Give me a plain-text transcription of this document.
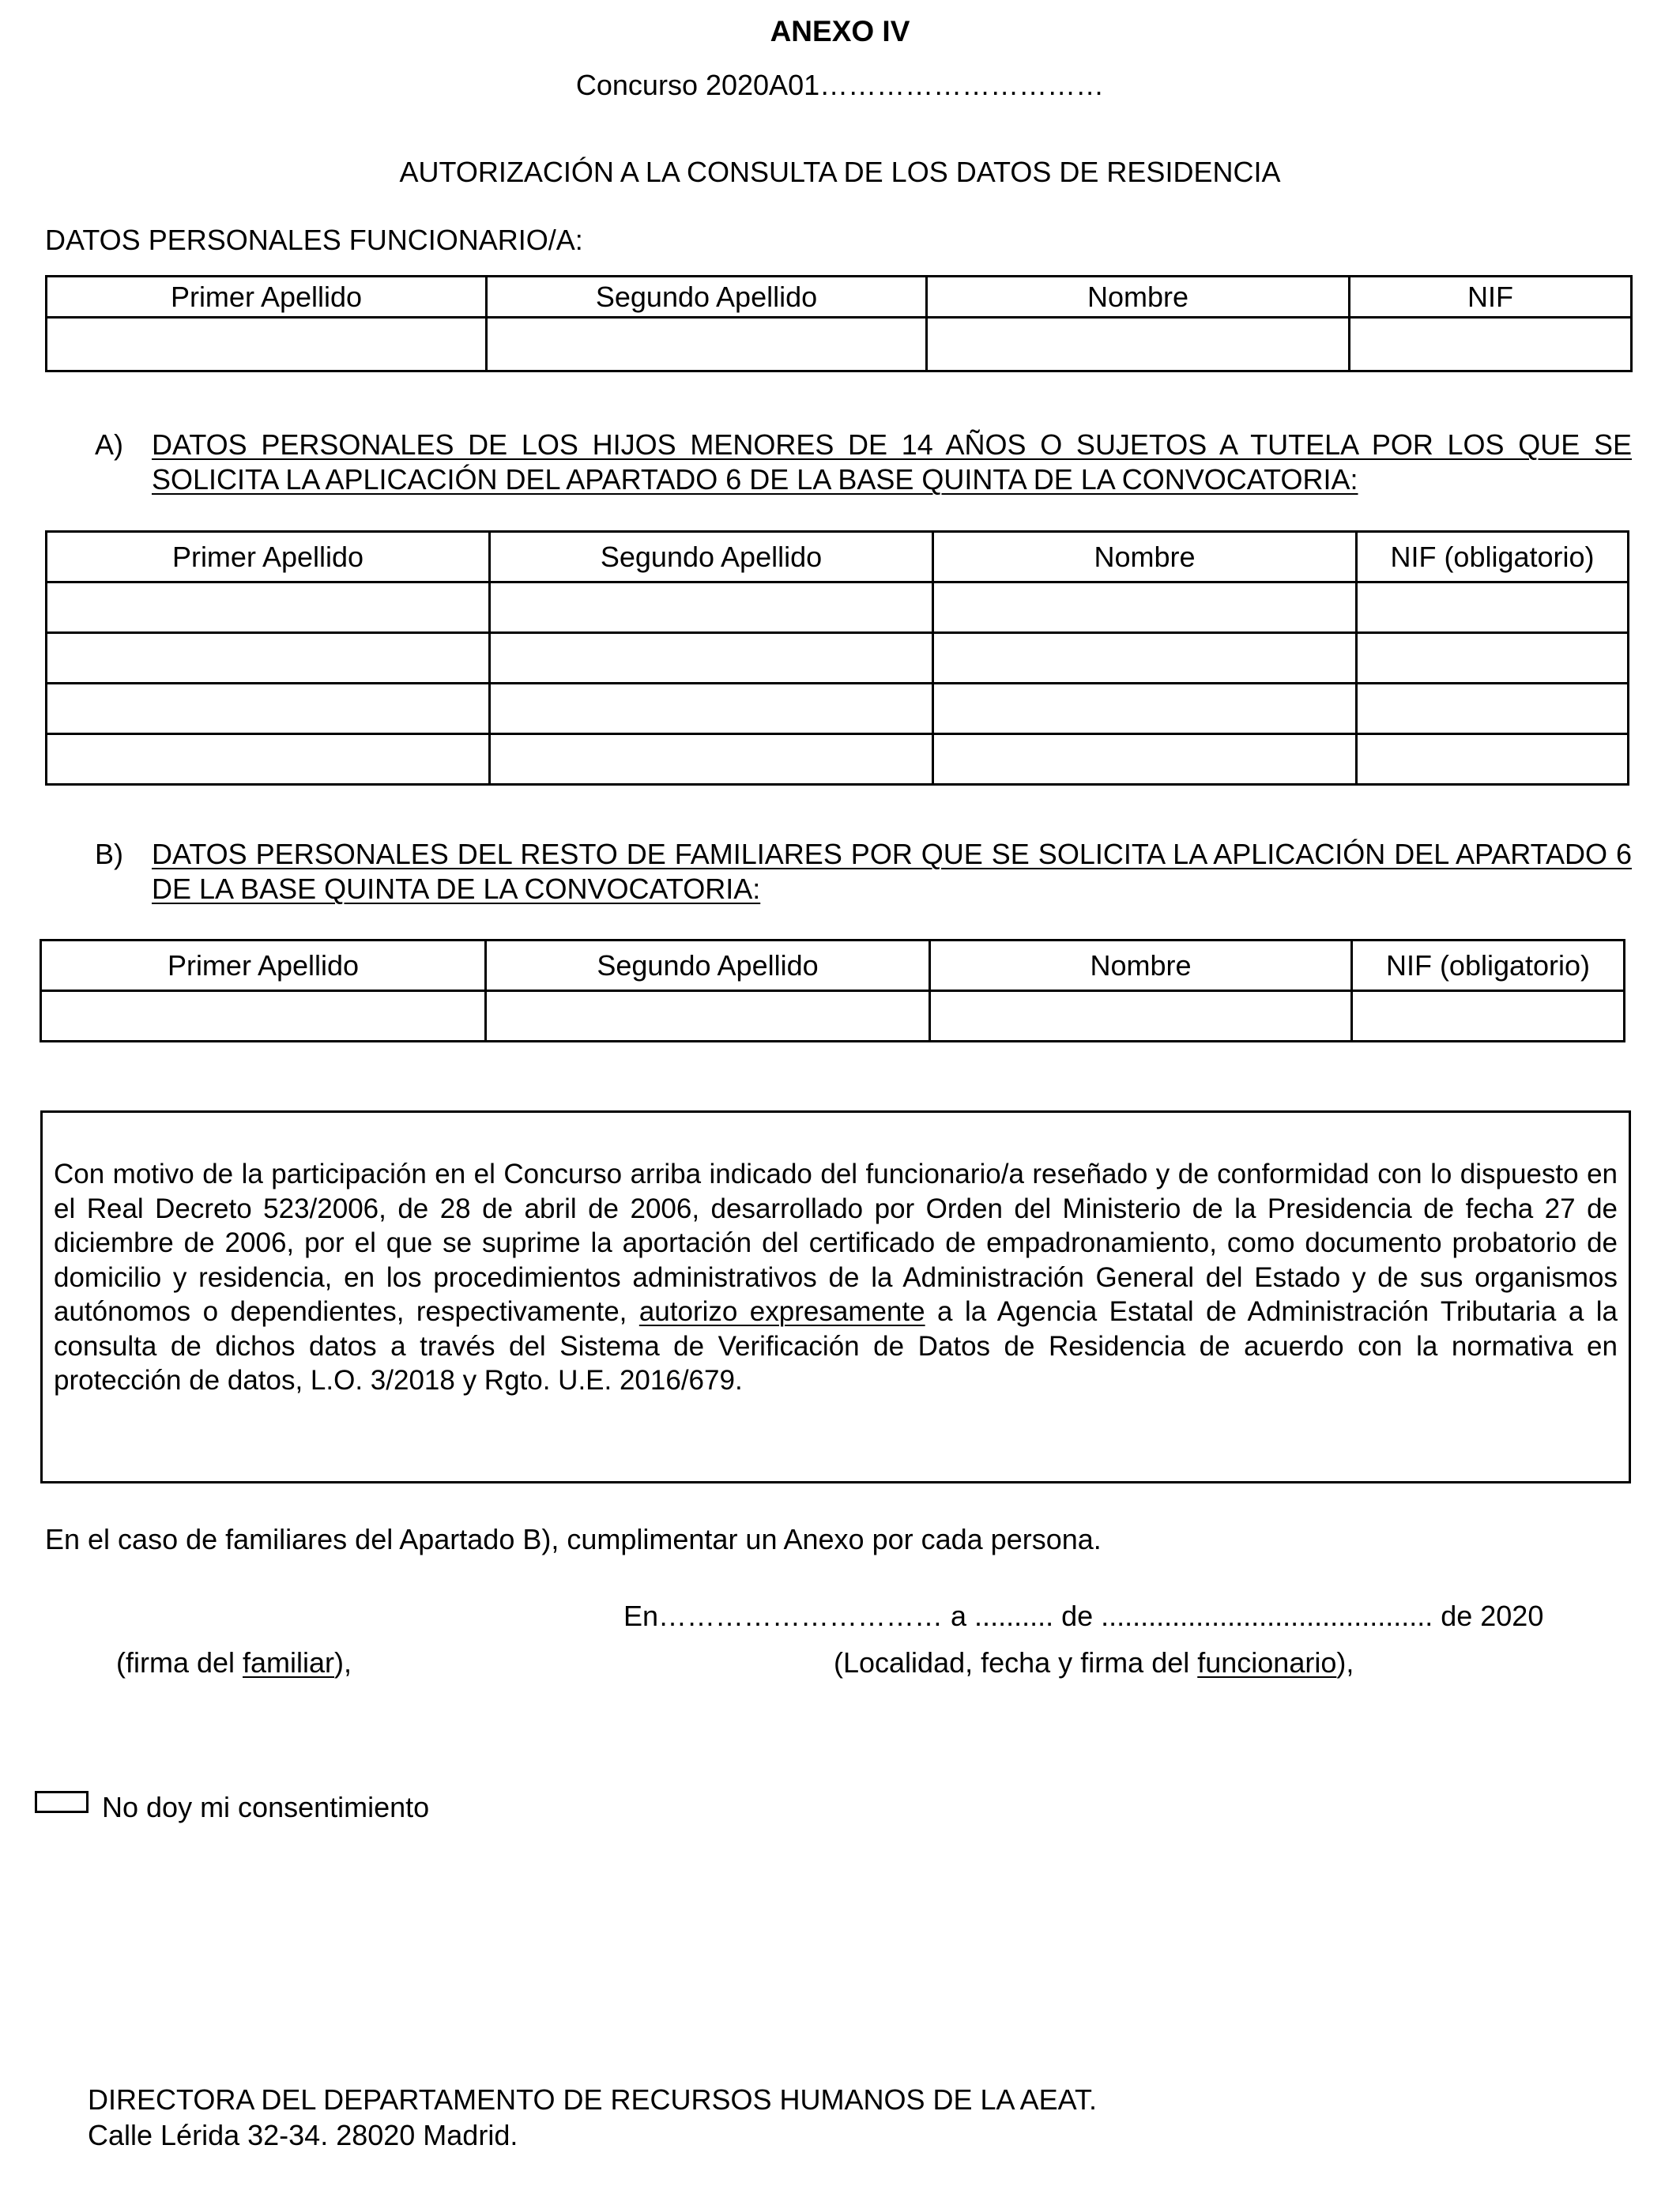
ANEXO IV
Concurso 2020A01…………………………
AUTORIZACIÓN A LA CONSULTA DE LOS DATOS DE RESIDENCIA
DATOS PERSONALES FUNCIONARIO/A:
Primer Apellido	Segundo Apellido	Nombre	NIF

A) DATOS PERSONALES DE LOS HIJOS MENORES DE 14 AÑOS O SUJETOS A TUTELA POR LOS QUE SE SOLICITA LA APLICACIÓN DEL APARTADO 6 DE LA BASE QUINTA DE LA CONVOCATORIA:
Primer Apellido	Segundo Apellido	Nombre	NIF (obligatorio)

B) DATOS PERSONALES DEL RESTO DE FAMILIARES POR QUE SE SOLICITA LA APLICACIÓN DEL APARTADO 6 DE LA BASE QUINTA DE LA CONVOCATORIA:
Primer Apellido	Segundo Apellido	Nombre	NIF (obligatorio)

Con motivo de la participación en el Concurso arriba indicado del funcionario/a reseñado y de conformidad con lo dispuesto en el Real Decreto 523/2006, de 28 de abril de 2006, desarrollado por Orden del Ministerio de la Presidencia de fecha 27 de diciembre de 2006, por el que se suprime la aportación del certificado de empadronamiento, como documento probatorio de domicilio y residencia, en los procedimientos administrativos de la Administración General del Estado y de sus organismos autónomos o dependientes, respectivamente, autorizo expresamente a la Agencia Estatal de Administración Tributaria a la consulta de dichos datos a través del Sistema de Verificación de Datos de Residencia de acuerdo con la normativa en protección de datos, L.O. 3/2018 y Rgto. U.E. 2016/679.

En el caso de familiares del Apartado B), cumplimentar un Anexo por cada persona.
En………………………… a .......... de .......................................... de 2020
(firma del familiar),	(Localidad, fecha y firma del funcionario),
No doy mi consentimiento
DIRECTORA DEL DEPARTAMENTO DE RECURSOS HUMANOS DE LA AEAT.
Calle Lérida 32-34. 28020 Madrid.
